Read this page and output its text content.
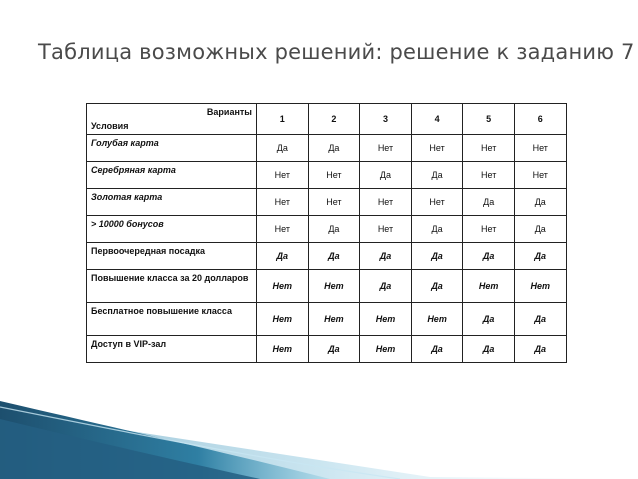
Таблица возможных решений: решение к заданию 7
Варианты
Условия	1	2	3	4	5	6
Голубая карта	Да	Да	Нет	Нет	Нет	Нет
Серебряная карта	Нет	Нет	Да	Да	Нет	Нет
Золотая карта	Нет	Нет	Нет	Нет	Да	Да
> 10000 бонусов	Нет	Да	Нет	Да	Нет	Да
Первоочередная посадка	Да	Да	Да	Да	Да	Да
Повышение класса за 20 долларов	Нет	Нет	Да	Да	Нет	Нет
Бесплатное повышение класса	Нет	Нет	Нет	Нет	Да	Да
Доступ в VIP-зал	Нет	Да	Нет	Да	Да	Да
